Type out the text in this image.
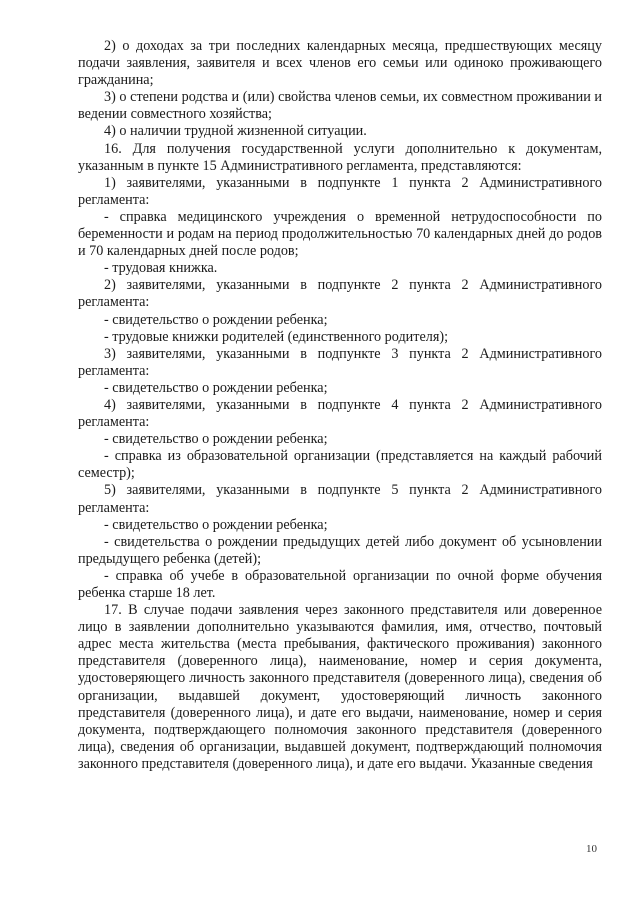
2) о доходах за три последних календарных месяца, предшествующих месяцу подачи заявления, заявителя и всех членов его семьи или одиноко проживающего гражданина;

3) о степени родства и (или) свойства членов семьи, их совместном проживании и ведении совместного хозяйства;

4) о наличии трудной жизненной ситуации.

16. Для получения государственной услуги дополнительно к документам, указанным в пункте 15 Административного регламента, представляются:

1) заявителями, указанными в подпункте 1 пункта 2 Административного регламента:

- справка медицинского учреждения о временной нетрудоспособности по беременности и родам на период продолжительностью 70 календарных дней до родов и 70 календарных дней после родов;

- трудовая книжка.

2) заявителями, указанными в подпункте 2 пункта 2 Административного регламента:

- свидетельство о рождении ребенка;

- трудовые книжки родителей (единственного родителя);

3) заявителями, указанными в подпункте 3 пункта 2 Административного регламента:

- свидетельство о рождении ребенка;

4) заявителями, указанными в подпункте 4 пункта 2 Административного регламента:

- свидетельство о рождении ребенка;

- справка из образовательной организации (представляется на каждый рабочий семестр);

5) заявителями, указанными в подпункте 5 пункта 2 Административного регламента:

- свидетельство о рождении ребенка;

- свидетельства о рождении предыдущих детей либо документ об усыновлении предыдущего ребенка (детей);

- справка об учебе в образовательной организации по очной форме обучения ребенка старше 18 лет.

17. В случае подачи заявления через законного представителя или доверенное лицо в заявлении дополнительно указываются фамилия, имя, отчество, почтовый адрес места жительства (места пребывания, фактического проживания) законного представителя (доверенного лица), наименование, номер и серия документа, удостоверяющего личность законного представителя (доверенного лица), сведения об организации, выдавшей документ, удостоверяющий личность законного представителя (доверенного лица), и дате его выдачи, наименование, номер и серия документа, подтверждающего полномочия законного представителя (доверенного лица), сведения об организации, выдавшей документ, подтверждающий полномочия законного представителя (доверенного лица), и дате его выдачи. Указанные сведения

10
